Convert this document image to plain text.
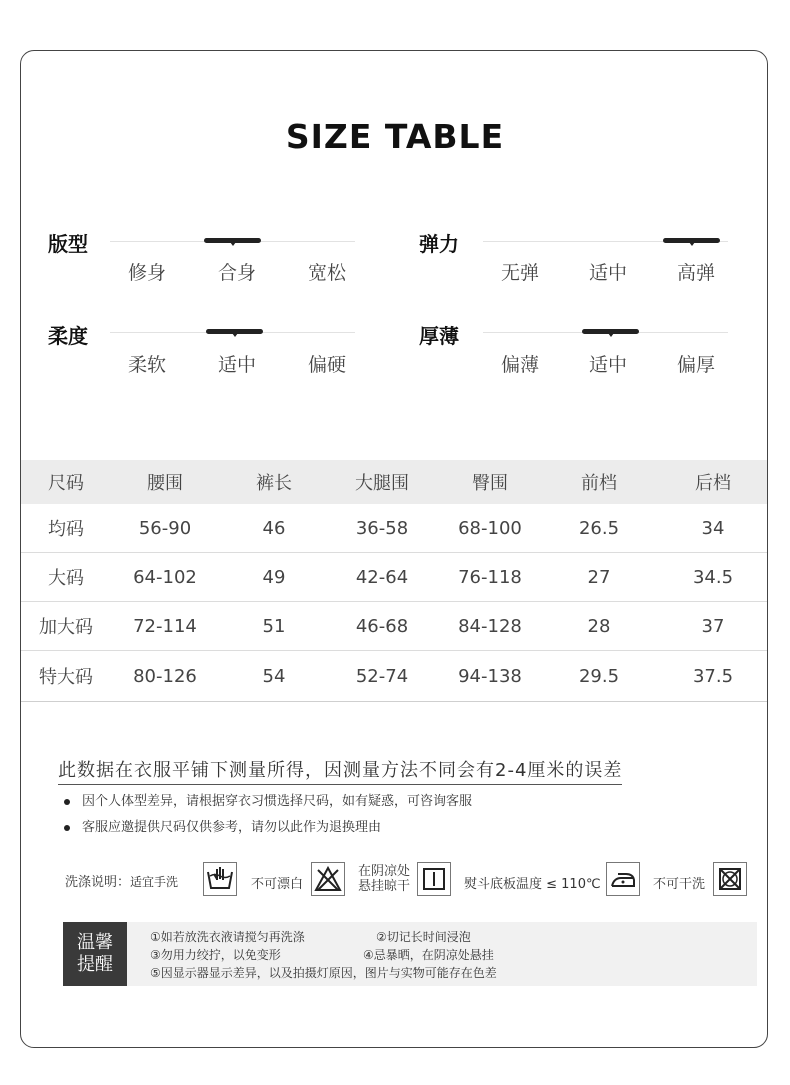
SIZE TABLE
版型
修身	合身	宽松
弹力
无弹	适中	高弹
柔度
柔软	适中	偏硬
厚薄
偏薄	适中	偏厚
尺码	腰围	裤长	大腿围	臀围	前档	后档
均码	56-90	46	36-58	68-100	26.5	34
大码	64-102	49	42-64	76-118	27	34.5
加大码	72-114	51	46-68	84-128	28	37
特大码	80-126	54	52-74	94-138	29.5	37.5
此数据在衣服平铺下测量所得，因测量方法不同会有2-4厘米的误差
因个人体型差异，请根据穿衣习惯选择尺码，如有疑惑，可咨询客服
客服应邀提供尺码仅供参考，请勿以此作为退换理由
洗涤说明：适宜手洗	不可漂白
在阴凉处
悬挂晾干	熨斗底板温度 ≤ 110℃	不可干洗
温馨
提醒
①如若放洗衣液请搅匀再洗涤	②切记长时间浸泡
③勿用力绞拧，以免变形	④忌暴晒，在阴凉处悬挂
⑤因显示器显示差异，以及拍摄灯原因，图片与实物可能存在色差
